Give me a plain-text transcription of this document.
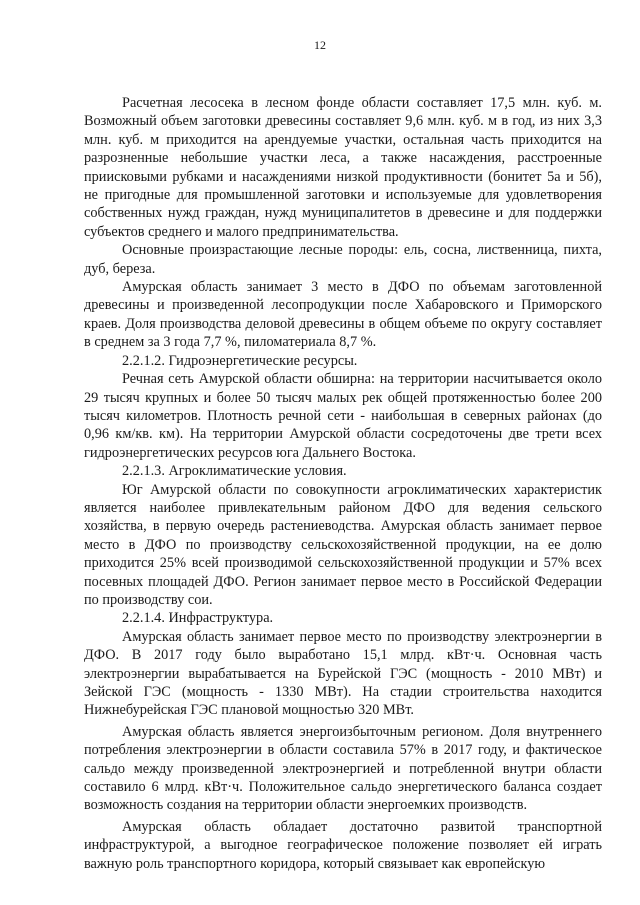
12

Расчетная лесосека в лесном фонде области составляет 17,5 млн. куб. м. Возможный объем заготовки древесины составляет 9,6 млн. куб. м в год, из них 3,3 млн. куб. м приходится на арендуемые участки, остальная часть приходится на разрозненные небольшие участки леса, а также насаждения, расстроенные приисковыми рубками и насаждениями низкой продуктивности (бонитет 5а и 5б), не пригодные для промышленной заготовки и используемые для удовлетворения собственных нужд граждан, нужд муниципалитетов в древесине и для поддержки субъектов среднего и малого предпринимательства.

Основные произрастающие лесные породы: ель, сосна, лиственница, пихта, дуб, береза.

Амурская область занимает 3 место в ДФО по объемам заготовленной древесины и произведенной лесопродукции после Хабаровского и Приморского краев. Доля производства деловой древесины в общем объеме по округу составляет в среднем за 3 года 7,7 %, пиломатериала 8,7 %.

2.2.1.2. Гидроэнергетические ресурсы.

Речная сеть Амурской области обширна: на территории насчитывается около 29 тысяч крупных и более 50 тысяч малых рек общей протяженностью более 200 тысяч километров. Плотность речной сети - наибольшая в северных районах (до 0,96 км/кв. км). На территории Амурской области сосредоточены две трети всех гидроэнергетических ресурсов юга Дальнего Востока.

2.2.1.3. Агроклиматические условия.

Юг Амурской области по совокупности агроклиматических характеристик является наиболее привлекательным районом ДФО для ведения сельского хозяйства, в первую очередь растениеводства. Амурская область занимает первое место в ДФО по производству сельскохозяйственной продукции, на ее долю приходится 25% всей производимой сельскохозяйственной продукции и 57% всех посевных площадей ДФО. Регион занимает первое место в Российской Федерации по производству сои.

2.2.1.4. Инфраструктура.

Амурская область занимает первое место по производству электроэнергии в ДФО. В 2017 году было выработано 15,1 млрд. кВт·ч. Основная часть электроэнергии вырабатывается на Бурейской ГЭС (мощность - 2010 МВт) и Зейской ГЭС (мощность - 1330 МВт). На стадии строительства находится Нижнебурейская ГЭС плановой мощностью 320 МВт.

Амурская область является энергоизбыточным регионом. Доля внутреннего потребления электроэнергии в области составила 57% в 2017 году, и фактическое сальдо между произведенной электроэнергией и потребленной внутри области составило 6 млрд. кВт·ч. Положительное сальдо энергетического баланса создает возможность создания на территории области энергоемких производств.

Амурская область обладает достаточно развитой транспортной инфраструктурой, а выгодное географическое положение позволяет ей играть важную роль транспортного коридора, который связывает как европейскую
